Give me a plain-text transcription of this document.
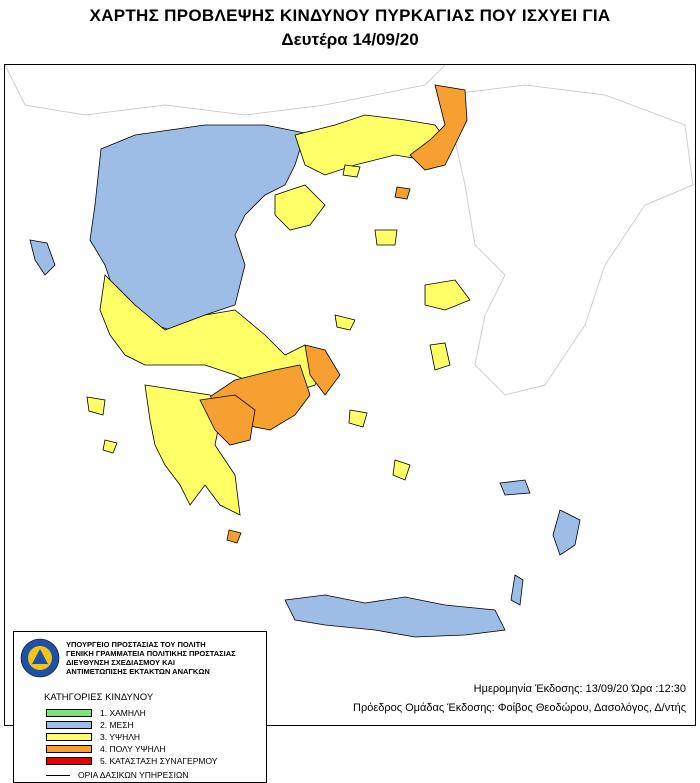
ΧΑΡΤΗΣ ΠΡΟΒΛΕΨΗΣ ΚΙΝΔΥΝΟΥ ΠΥΡΚΑΓΙΑΣ ΠΟΥ ΙΣΧΥΕΙ ΓΙΑ
Δευτέρα 14/09/20
ΥΠΟΥΡΓΕΙΟ ΠΡΟΣΤΑΣΙΑΣ ΤΟΥ ΠΟΛΙΤΗ
ΓΕΝΙΚΗ ΓΡΑΜΜΑΤΕΙΑ ΠΟΛΙΤΙΚΗΣ ΠΡΟΣΤΑΣΙΑΣ
ΔΙΕΥΘΥΝΣΗ ΣΧΕΔΙΑΣΜΟΥ ΚΑΙ
ΑΝΤΙΜΕΤΩΠΙΣΗΣ ΕΚΤΑΚΤΩΝ ΑΝΑΓΚΩΝ
ΚΑΤΗΓΟΡΙΕΣ ΚΙΝΔΥΝΟΥ
1. ΧΑΜΗΛΗ
2. ΜΕΣΗ
3. ΥΨΗΛΗ
4. ΠΟΛΥ ΥΨΗΛΗ
5. ΚΑΤΑΣΤΑΣΗ ΣΥΝΑΓΕΡΜΟΥ
ΟΡΙΑ ΔΑΣΙΚΩΝ ΥΠΗΡΕΣΙΩΝ
Ημερομηνία Έκδοσης: 13/09/20 Ώρα :12:30
Πρόεδρος Ομάδας Έκδοσης: Φοίβος Θεοδώρου, Δασολόγος, Δ/ντής
